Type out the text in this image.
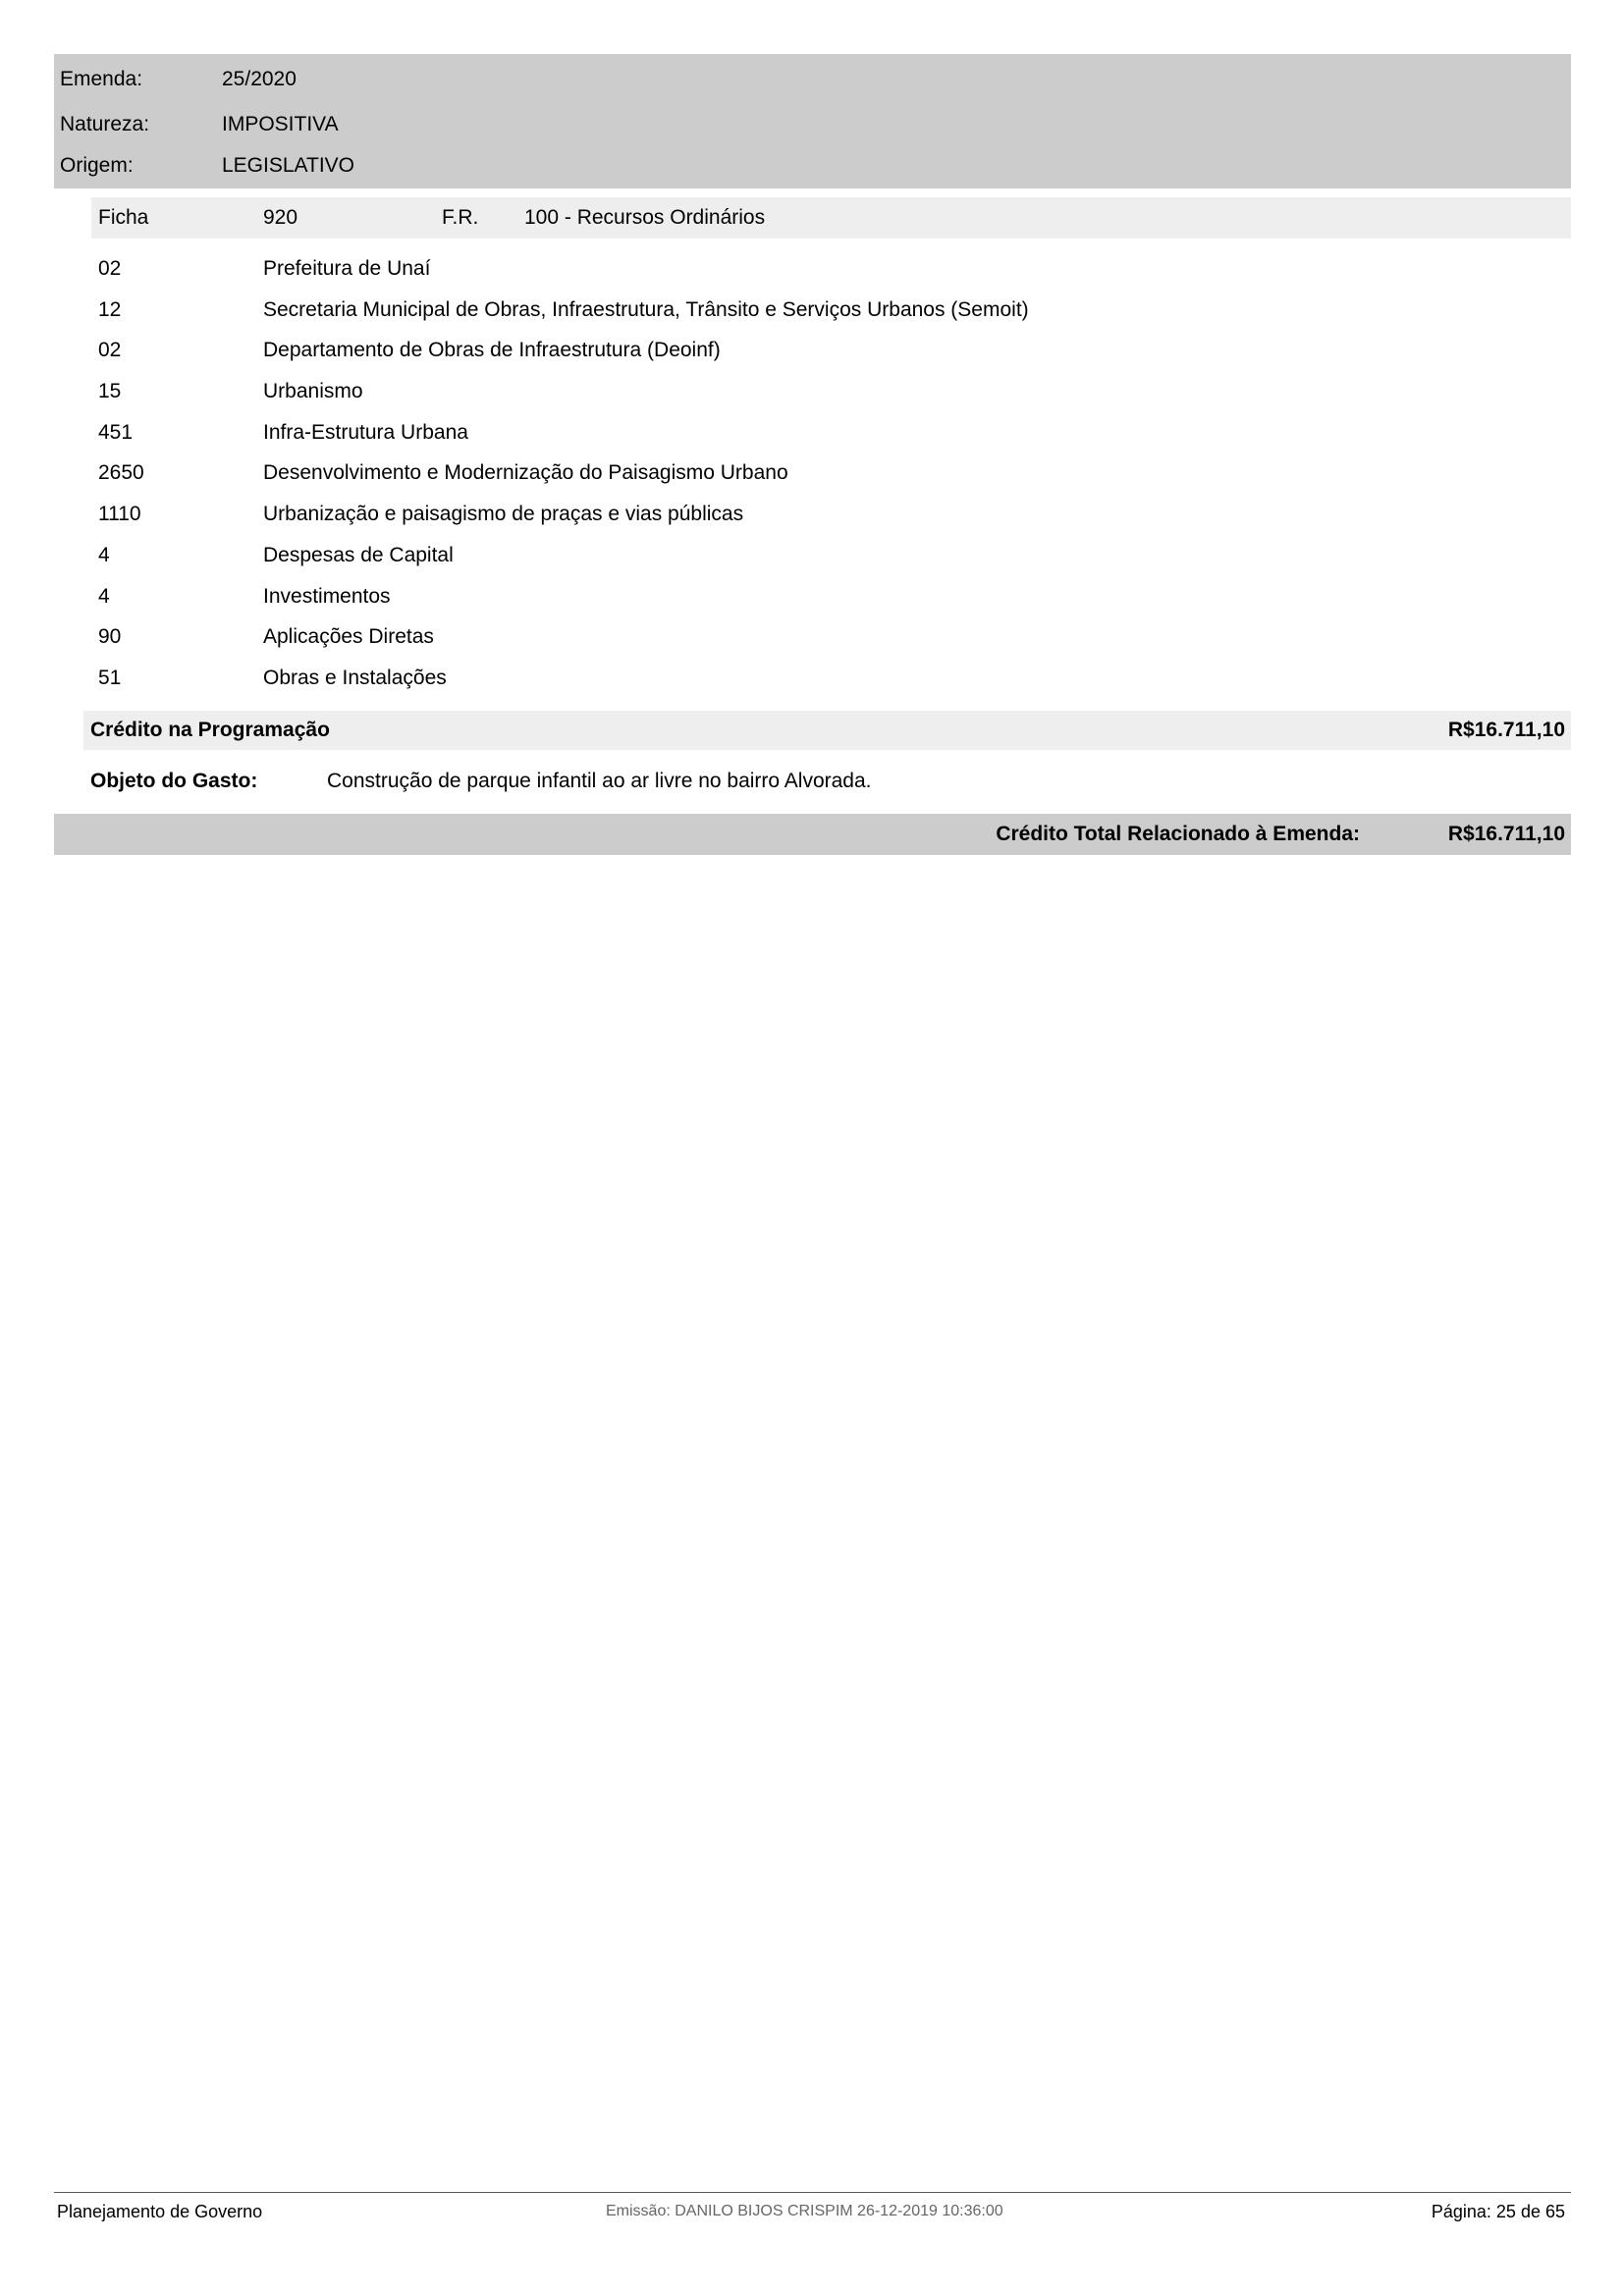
Emenda:	25/2020
Natureza:	IMPOSITIVA
Origem:	LEGISLATIVO
Ficha	920	F.R. 100 - Recursos Ordinários
02	Prefeitura de Unaí
12	Secretaria Municipal de Obras, Infraestrutura, Trânsito e Serviços Urbanos (Semoit)
02	Departamento de Obras de Infraestrutura (Deoinf)
15	Urbanismo
451	Infra-Estrutura Urbana
2650	Desenvolvimento e Modernização do Paisagismo Urbano
1110	Urbanização e paisagismo de praças e vias públicas
4	Despesas de Capital
4	Investimentos
90	Aplicações Diretas
51	Obras e Instalações
Crédito na Programação	R$16.711,10
Objeto do Gasto:	Construção de parque infantil ao ar livre no bairro Alvorada.
Crédito Total Relacionado à Emenda:	R$16.711,10
Planejamento de Governo	Emissão: DANILO BIJOS CRISPIM 26-12-2019 10:36:00	Página: 25 de 65
